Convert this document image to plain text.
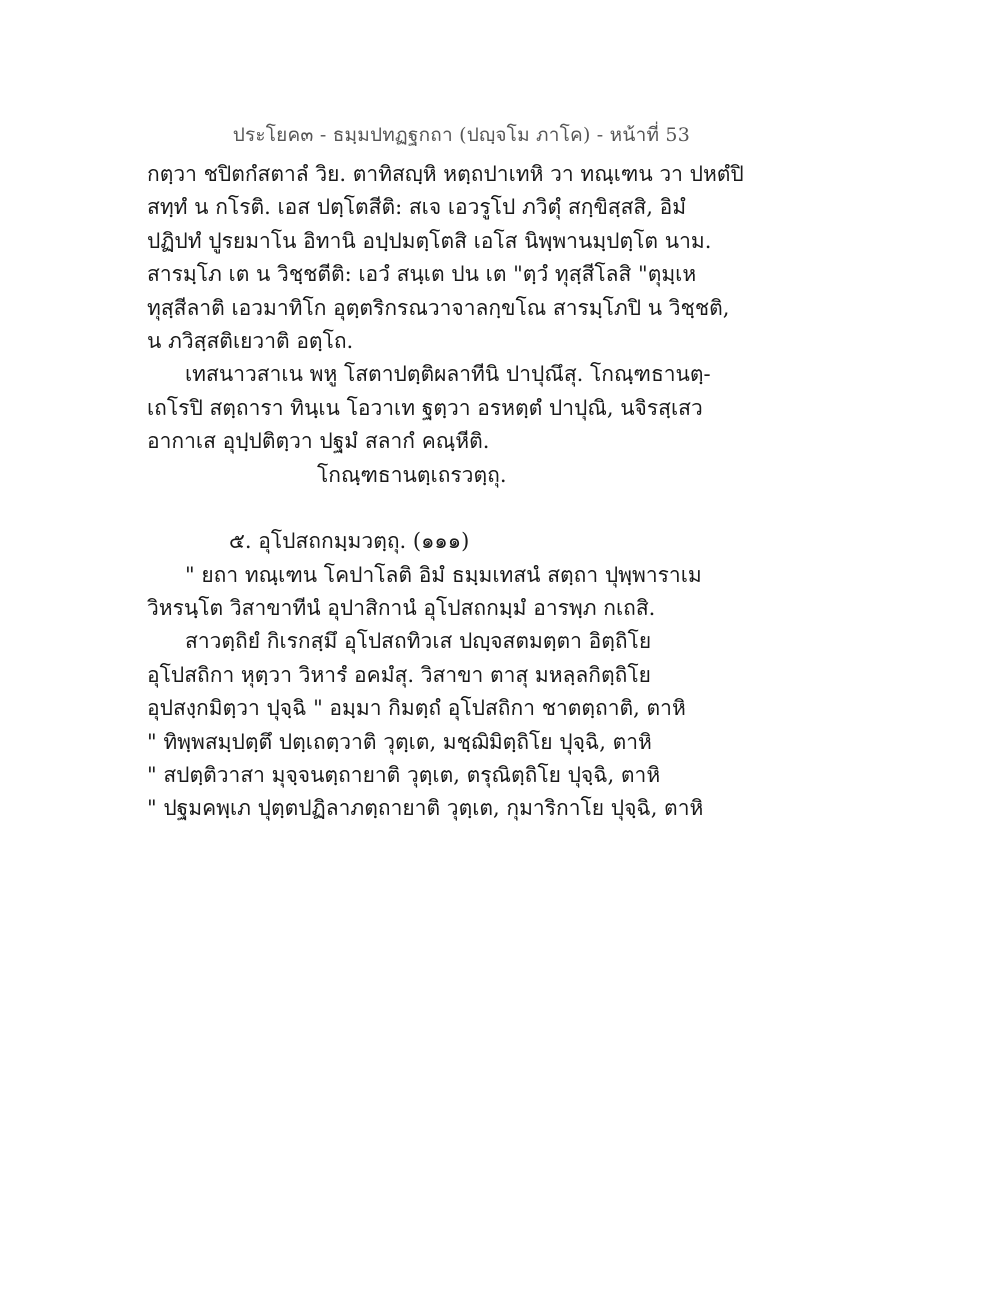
ประโยค๓ - ธมฺมปทฏฐกถา (ปญฺจโม ภาโค) - หน้าที่ 53
กตฺวา ชปิตกํสตาลํ วิย. ตาทิสญฺหิ หตฺถปาเทหิ วา ทณฺเฑน วา ปหตํปิ
สทฺทํ น กโรติ. เอส ปตฺโตสีติ: สเจ เอวรูโป ภวิตุํ สกฺขิสฺสสิ, อิมํ
ปฏิปทํ ปูรยมาโน อิทานิ อปฺปมตฺโตสิ เอโส นิพฺพานมฺปตฺโต นาม.
สารมฺโภ เต น วิชฺชตีติ: เอวํ สนฺเต ปน เต "ตฺวํ ทุสฺสีโลสิ "ตุมฺเห
ทุสฺสีลาติ เอวมาทิโก อุตฺตริกรณวาจาลกฺขโณ สารมฺโภปิ น วิชฺชติ,
น ภวิสฺสติเยวาติ อตฺโถ.
เทสนาวสาเน พหู โสตาปตฺติผลาทีนิ ปาปุณึสุ. โกณฺฑธานตฺ-
เถโรปิ สตฺถารา ทินฺเน โอวาเท ฐตฺวา อรหตฺตํ ปาปุณิ, นจิรสฺเสว
อากาเส อุปฺปติตฺวา ปฐมํ สลากํ คณฺหีติ.
โกณฺฑธานตฺเถรวตฺถุ.
๕. อุโปสถกมฺมวตฺถุ. (๑๑๑)
" ยถา ทณฺเฑน โคปาโลติ อิมํ ธมฺมเทสนํ สตฺถา ปุพฺพาราเม
วิหรนฺโต วิสาขาทีนํ อุปาสิกานํ อุโปสถกมฺมํ อารพฺภ กเถสิ.
สาวตฺถิยํ กิเรกสฺมึ อุโปสถทิวเส ปญฺจสตมตฺตา อิตฺถิโย
อุโปสถิกา หุตฺวา วิหารํ อคมํสุ. วิสาขา ตาสุ มหลฺลกิตฺถิโย
อุปสงฺกมิตฺวา ปุจฺฉิ " อมฺมา กิมตฺถํ อุโปสถิกา ชาตตฺถาติ, ตาหิ
" ทิพฺพสมฺปตฺตึ ปตฺเถตฺวาติ วุตฺเต, มชฺฌิมิตฺถิโย ปุจฺฉิ, ตาหิ
" สปตฺติวาสา มุจฺจนตฺถายาติ วุตฺเต, ตรุณิตฺถิโย ปุจฺฉิ, ตาหิ
" ปฐมคพฺเภ ปุตฺตปฏิลาภตฺถายาติ วุตฺเต, กุมาริกาโย ปุจฺฉิ, ตาหิ
